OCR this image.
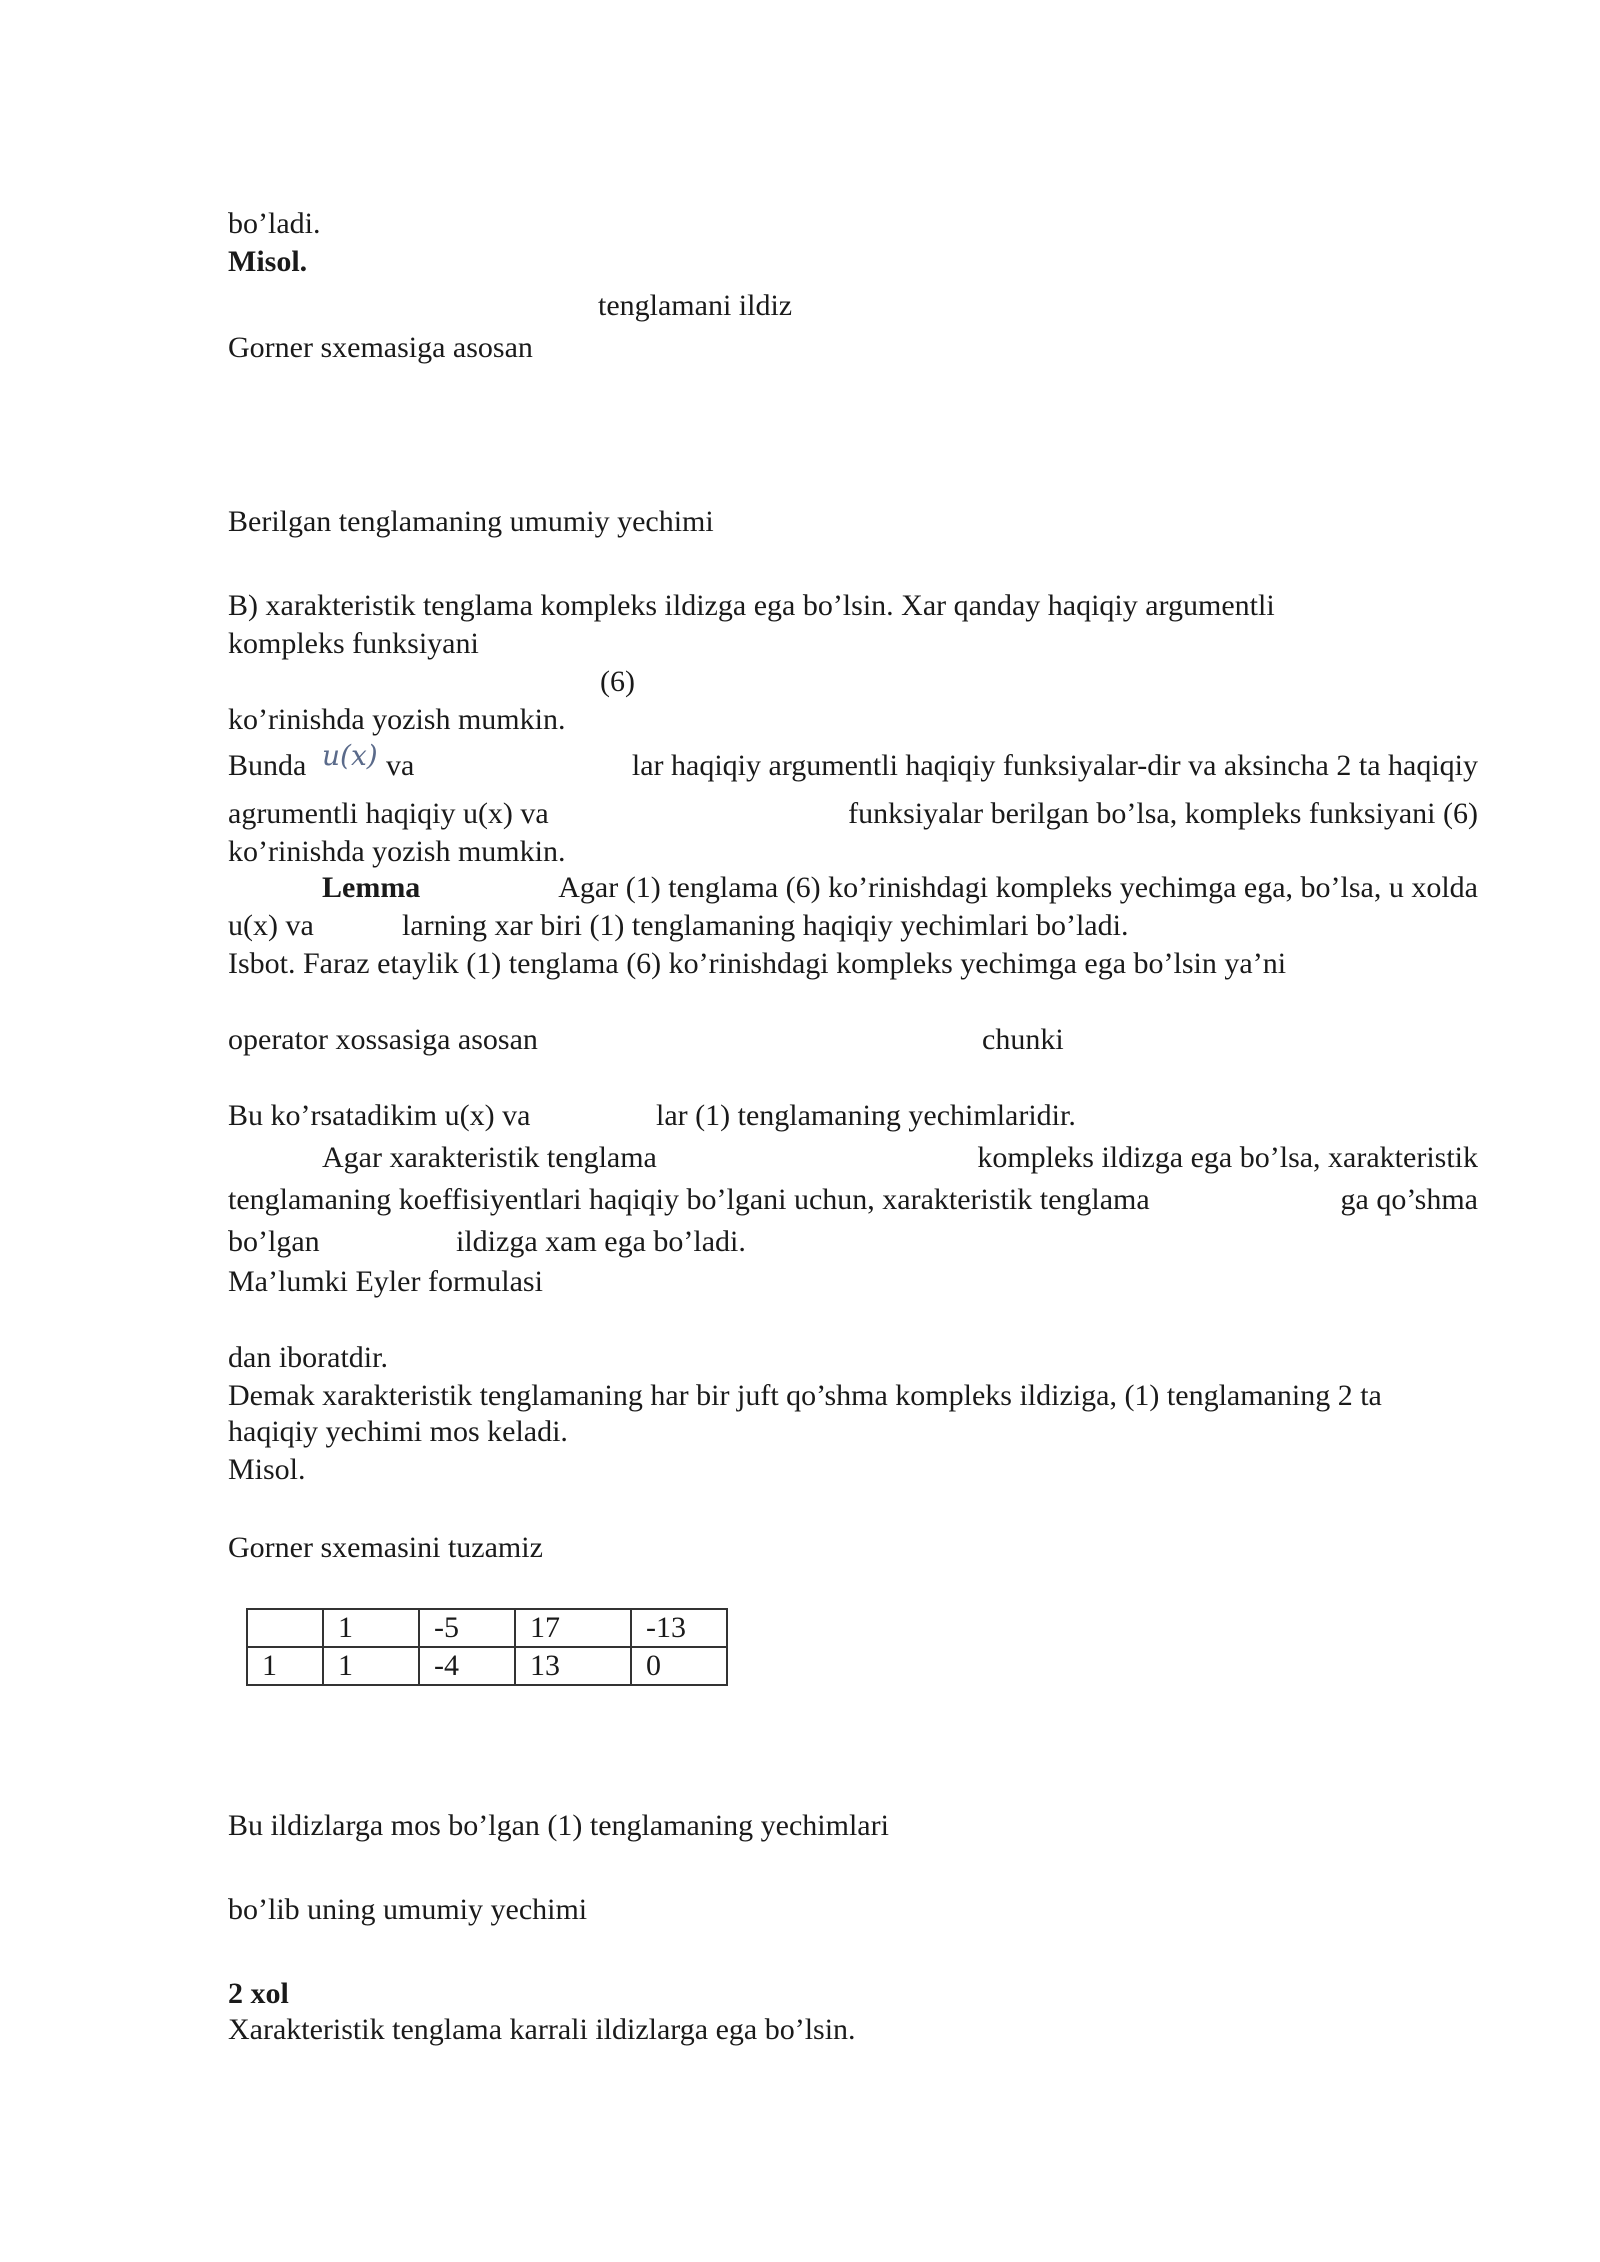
bo’ladi.
Misol.
tenglamani ildiz
Gorner sxemasiga asosan
Berilgan tenglamaning umumiy yechimi
B) xarakteristik tenglama kompleks ildizga ega bo’lsin. Xar qanday haqiqiy argumentli
kompleks funksiyani
(6)
ko’rinishda yozish mumkin.
Bunda u(x) va	lar haqiqiy argumentli haqiqiy funksiyalar-dir va aksincha 2 ta haqiqiy
agrumentli haqiqiy u(x) va	funksiyalar berilgan bo’lsa, kompleks funksiyani (6)
ko’rinishda yozish mumkin.
Lemma	Agar (1) tenglama (6) ko’rinishdagi kompleks yechimga ega, bo’lsa, u xolda
u(x) va	larning xar biri (1) tenglamaning haqiqiy yechimlari bo’ladi.
Isbot. Faraz etaylik (1) tenglama (6) ko’rinishdagi kompleks yechimga ega bo’lsin ya’ni
operator xossasiga asosan	chunki
Bu ko’rsatadikim u(x) va	lar (1) tenglamaning yechimlaridir.
Agar xarakteristik tenglama	kompleks ildizga ega bo’lsa, xarakteristik
tenglamaning koeffisiyentlari haqiqiy bo’lgani uchun, xarakteristik tenglama	ga qo’shma
bo’lgan	ildizga xam ega bo’ladi.
Ma’lumki Eyler formulasi
dan iboratdir.
Demak xarakteristik tenglamaning har bir juft qo’shma kompleks ildiziga, (1) tenglamaning 2 ta
haqiqiy yechimi mos keladi.
Misol.
Gorner sxemasini tuzamiz
	1	-5	17	-13
1	1	-4	13	0
Bu ildizlarga mos bo’lgan (1) tenglamaning yechimlari
bo’lib uning umumiy yechimi
2 xol
Xarakteristik tenglama karrali ildizlarga ega bo’lsin.
